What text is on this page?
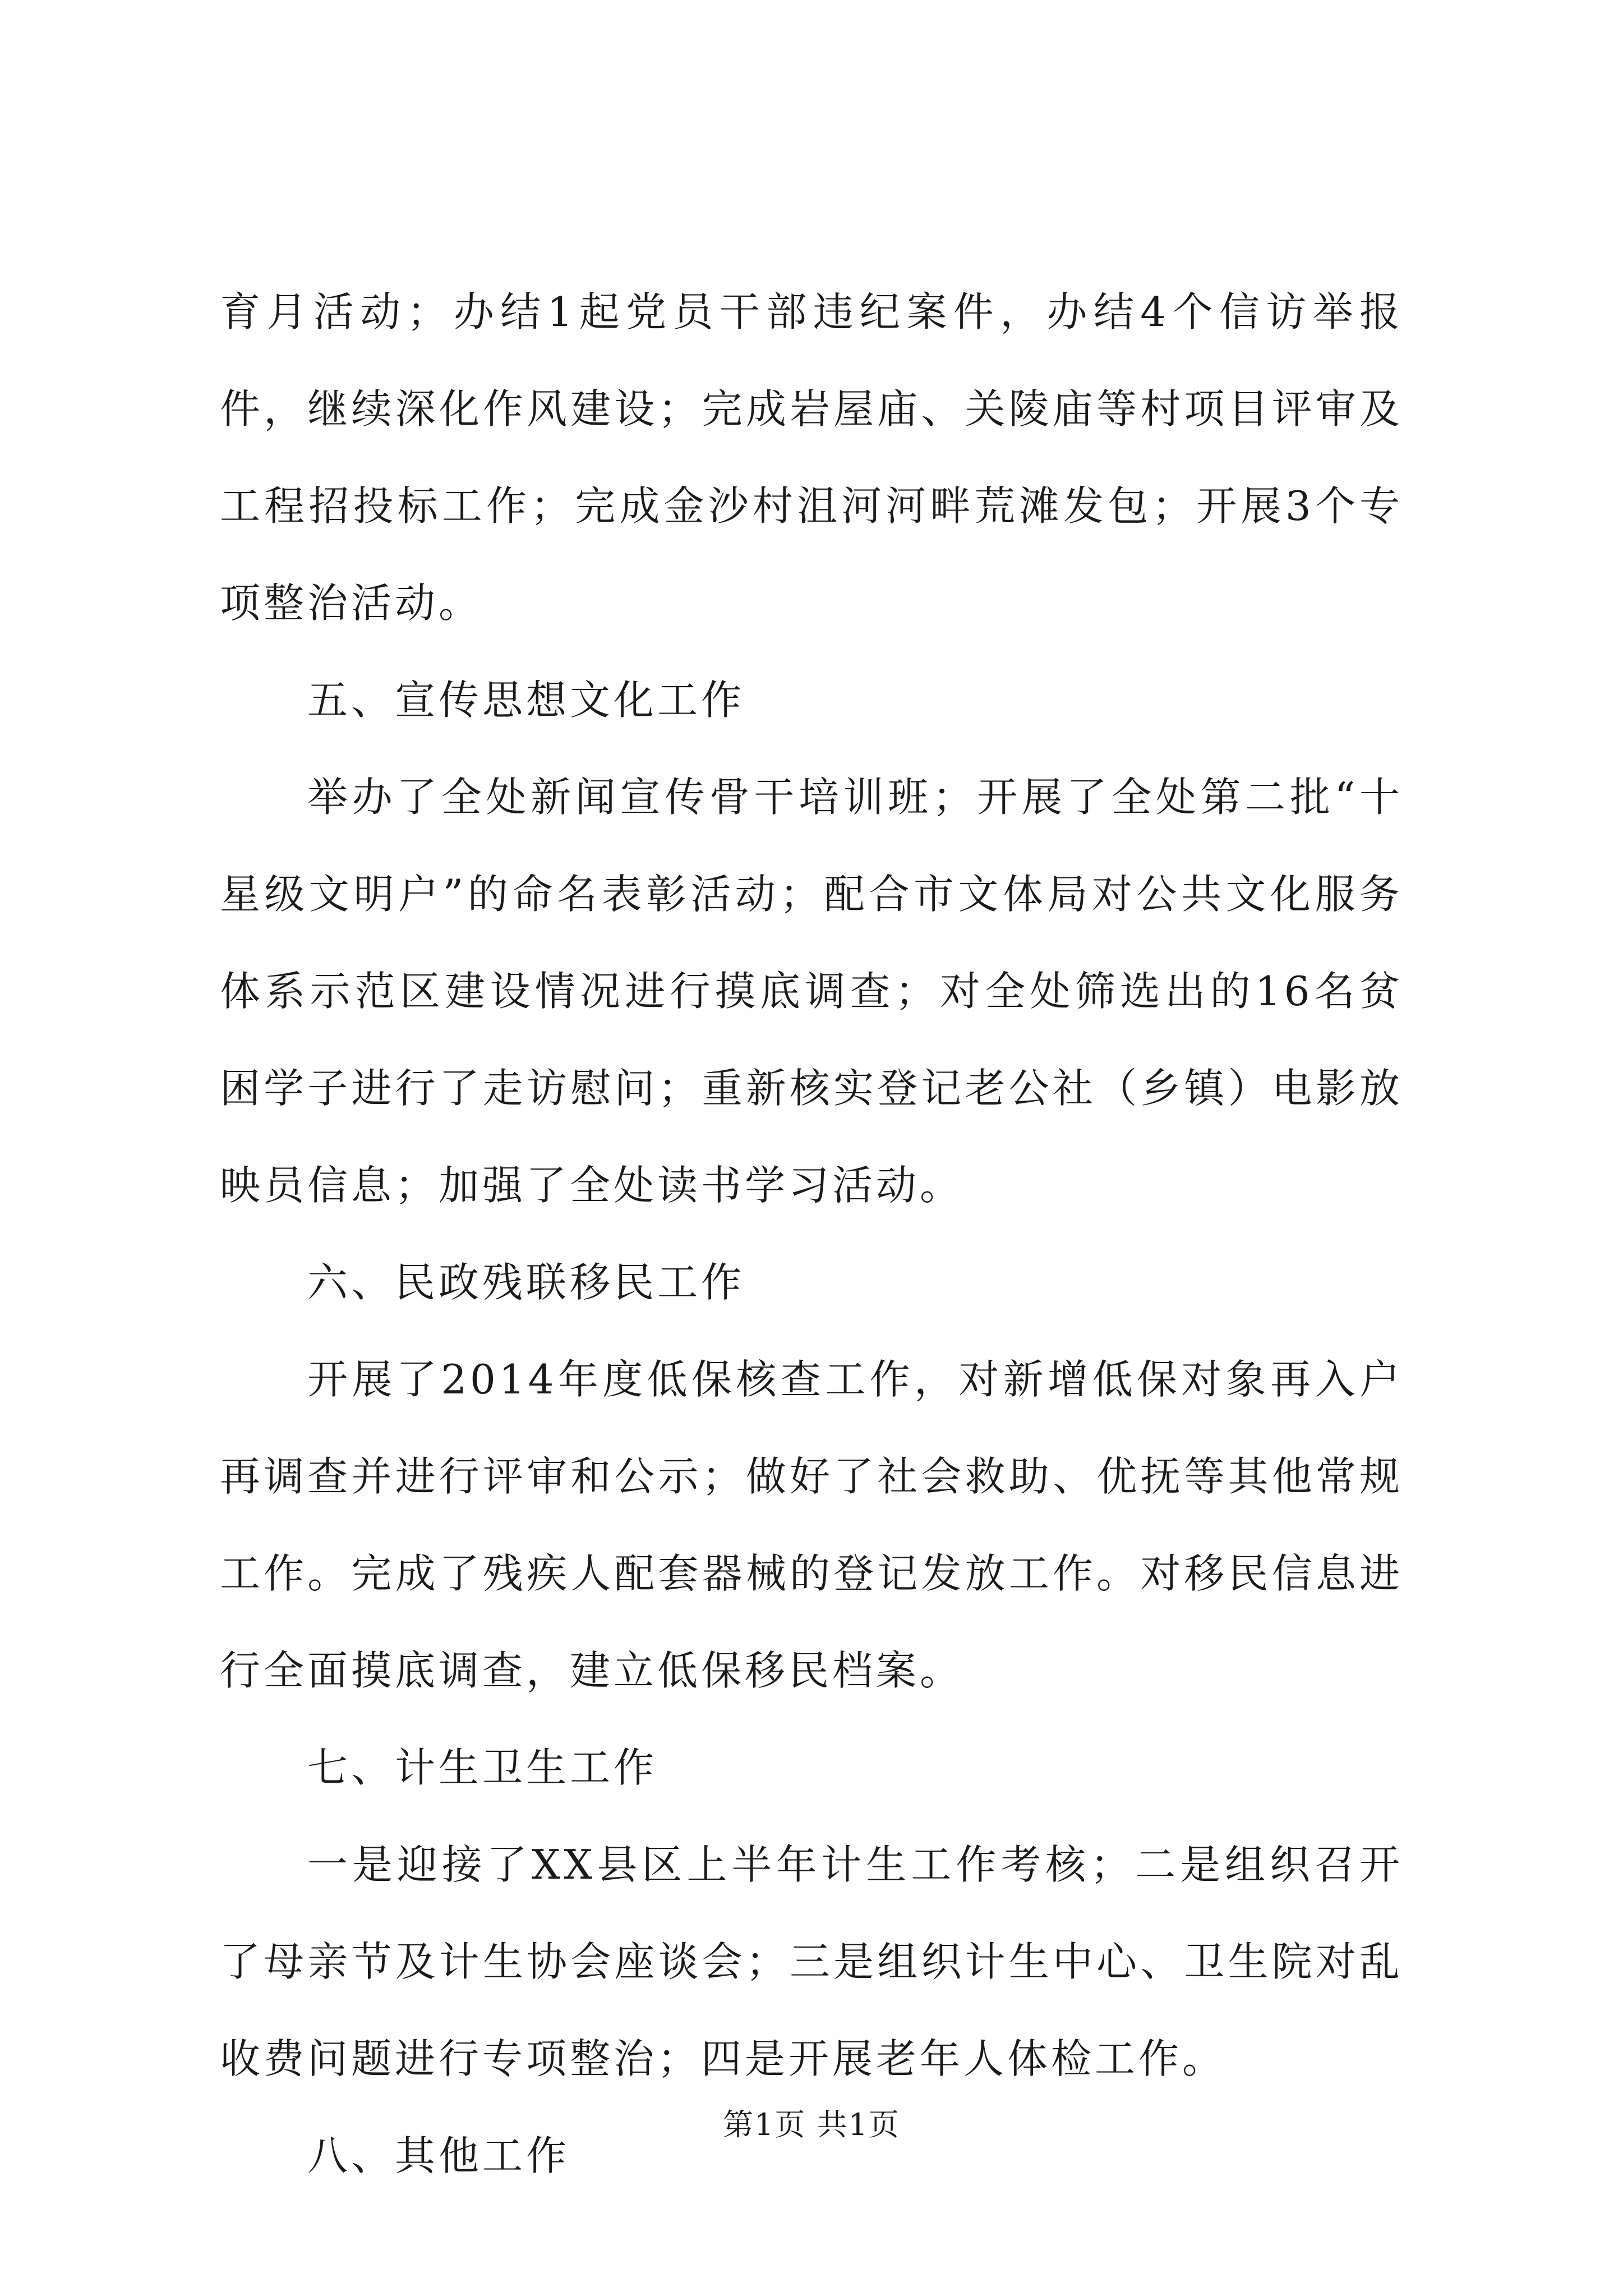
育月活动；办结1起党员干部违纪案件，办结4个信访举报件，继续深化作风建设；完成岩屋庙、关陵庙等村项目评审及工程招投标工作；完成金沙村沮河河畔荒滩发包；开展3个专项整治活动。

五、宣传思想文化工作

举办了全处新闻宣传骨干培训班；开展了全处第二批“十星级文明户”的命名表彰活动；配合市文体局对公共文化服务体系示范区建设情况进行摸底调查；对全处筛选出的16名贫困学子进行了走访慰问；重新核实登记老公社（乡镇）电影放映员信息；加强了全处读书学习活动。

六、民政残联移民工作

开展了2014年度低保核查工作，对新增低保对象再入户再调查并进行评审和公示；做好了社会救助、优抚等其他常规工作。完成了残疾人配套器械的登记发放工作。对移民信息进行全面摸底调查，建立低保移民档案。

七、计生卫生工作

一是迎接了XX县区上半年计生工作考核；二是组织召开了母亲节及计生协会座谈会；三是组织计生中心、卫生院对乱收费问题进行专项整治；四是开展老年人体检工作。

八、其他工作

第1页 共1页
